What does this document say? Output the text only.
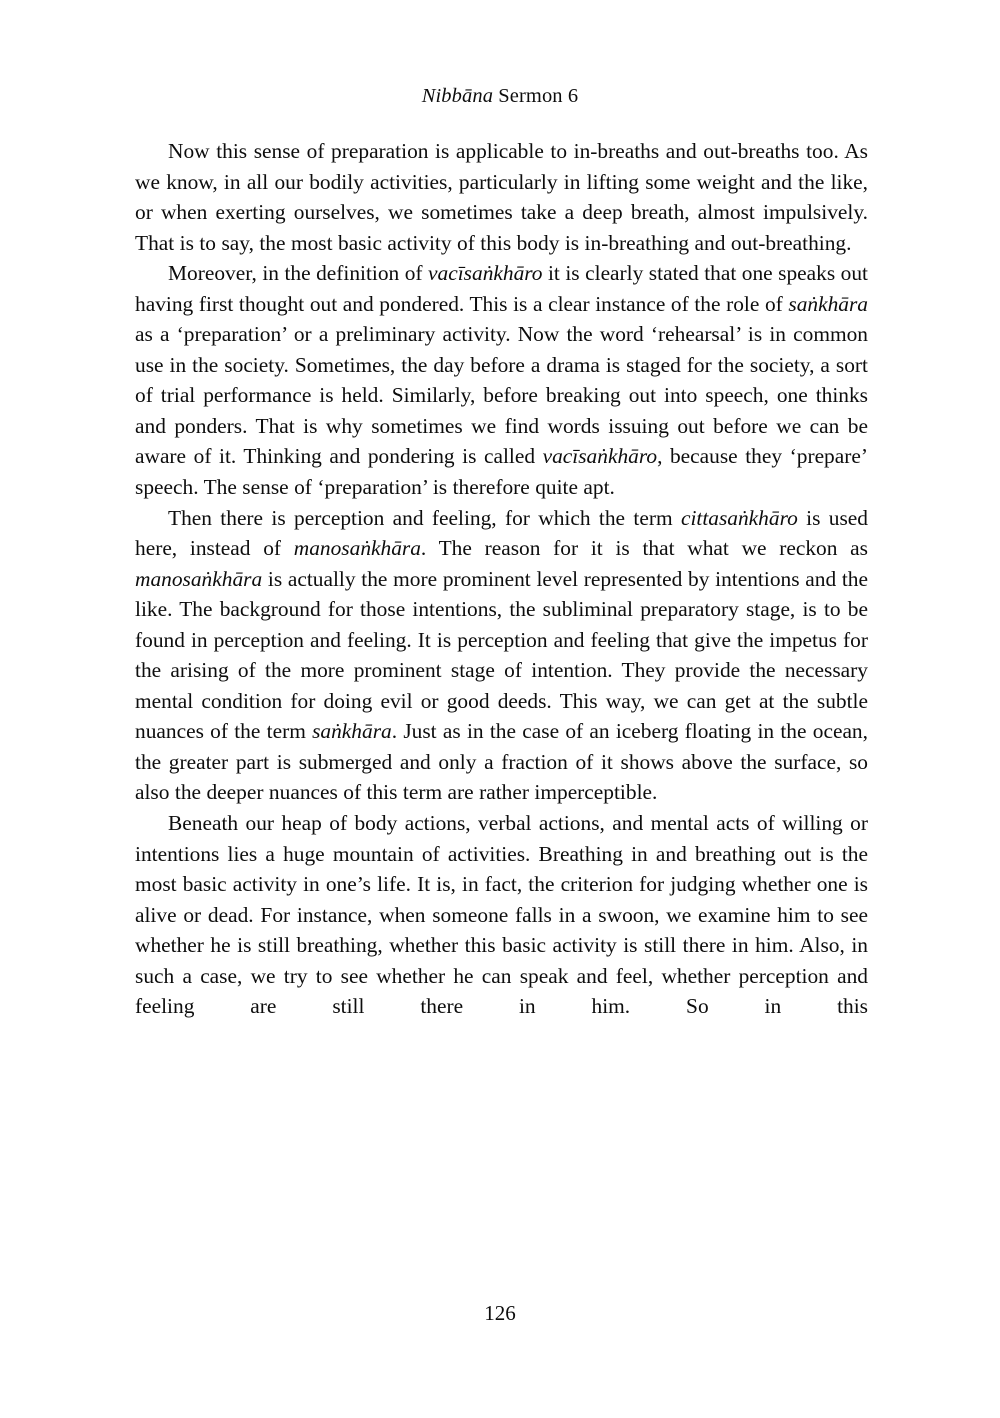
Nibbāna Sermon 6

Now this sense of preparation is applicable to in-breaths and out-breaths too. As we know, in all our bodily activities, particularly in lifting some weight and the like, or when exerting ourselves, we sometimes take a deep breath, almost impulsively. That is to say, the most basic activity of this body is in-breathing and out-breathing.

Moreover, in the definition of vacīsaṅkhāro it is clearly stated that one speaks out having first thought out and pondered. This is a clear instance of the role of saṅkhāra as a ‘preparation’ or a preliminary activity. Now the word ‘rehearsal’ is in common use in the society. Sometimes, the day before a drama is staged for the society, a sort of trial performance is held. Similarly, before breaking out into speech, one thinks and ponders. That is why sometimes we find words issuing out before we can be aware of it. Thinking and pondering is called vacīsaṅkhāro, because they ‘prepare’ speech. The sense of ‘preparation’ is therefore quite apt.

Then there is perception and feeling, for which the term cittasaṅkhāro is used here, instead of manosaṅkhāra. The reason for it is that what we reckon as manosaṅkhāra is actually the more prominent level represented by intentions and the like. The background for those intentions, the subliminal preparatory stage, is to be found in perception and feeling. It is perception and feeling that give the impetus for the arising of the more prominent stage of intention. They provide the necessary mental condition for doing evil or good deeds. This way, we can get at the subtle nuances of the term saṅkhāra. Just as in the case of an iceberg floating in the ocean, the greater part is submerged and only a fraction of it shows above the surface, so also the deeper nuances of this term are rather imperceptible.

Beneath our heap of body actions, verbal actions, and mental acts of willing or intentions lies a huge mountain of activities. Breathing in and breathing out is the most basic activity in one’s life. It is, in fact, the criterion for judging whether one is alive or dead. For instance, when someone falls in a swoon, we examine him to see whether he is still breathing, whether this basic activity is still there in him. Also, in such a case, we try to see whether he can speak and feel, whether perception and feeling are still there in him. So in this

126
